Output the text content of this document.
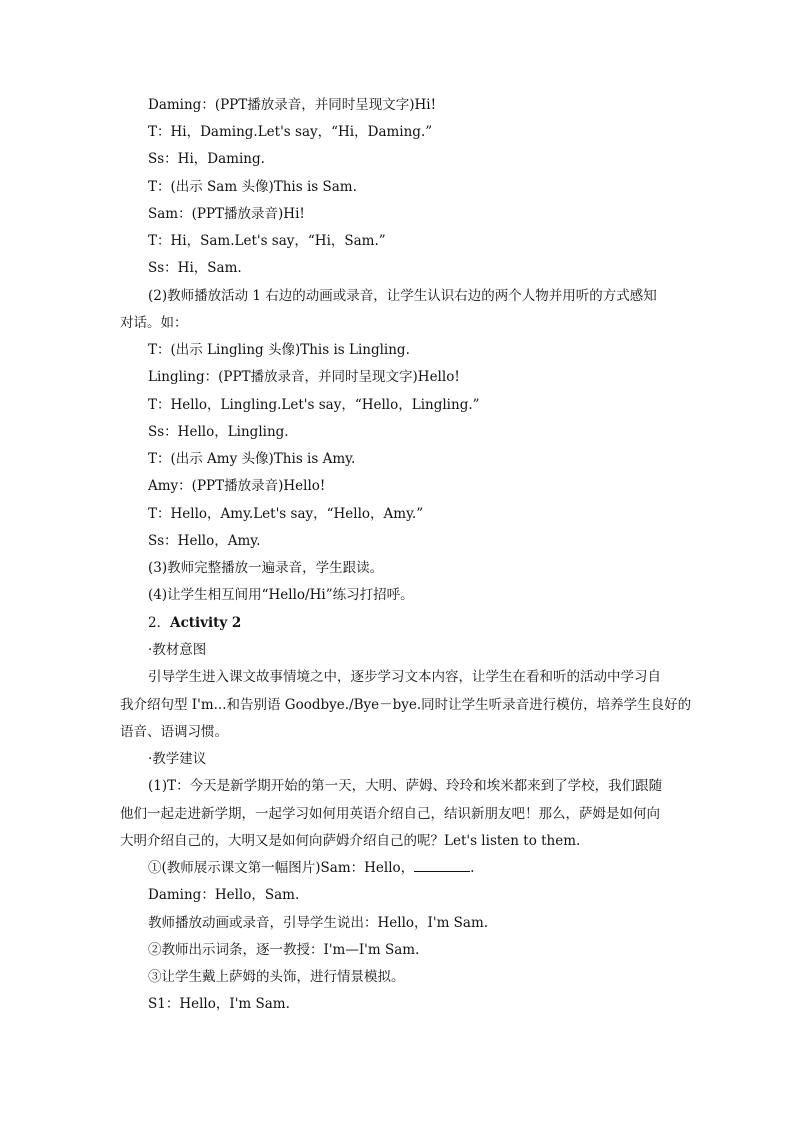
Daming：(PPT播放录音，并同时呈现文字)Hi!
T：Hi，Daming.Let's say，“Hi，Daming.”
Ss：Hi，Daming.
T：(出示 Sam 头像)This is Sam.
Sam：(PPT播放录音)Hi!
T：Hi，Sam.Let's say，“Hi，Sam.”
Ss：Hi，Sam.
(2)教师播放活动 1 右边的动画或录音，让学生认识右边的两个人物并用听的方式感知
对话。如：
T：(出示 Lingling 头像)This is Lingling.
Lingling：(PPT播放录音，并同时呈现文字)Hello!
T：Hello，Lingling.Let's say，“Hello，Lingling.”
Ss：Hello，Lingling.
T：(出示 Amy 头像)This is Amy.
Amy：(PPT播放录音)Hello!
T：Hello，Amy.Let's say，“Hello，Amy.”
Ss：Hello，Amy.
(3)教师完整播放一遍录音，学生跟读。
(4)让学生相互间用“Hello/Hi”练习打招呼。
2．Activity 2
·教材意图
引导学生进入课文故事情境之中，逐步学习文本内容，让学生在看和听的活动中学习自
我介绍句型 I'm...和告别语 Goodbye./Bye－bye.同时让学生听录音进行模仿，培养学生良好的
语音、语调习惯。
·教学建议
(1)T：今天是新学期开始的第一天，大明、萨姆、玲玲和埃米都来到了学校，我们跟随
他们一起走进新学期，一起学习如何用英语介绍自己，结识新朋友吧！那么，萨姆是如何向
大明介绍自己的，大明又是如何向萨姆介绍自己的呢？Let's listen to them.
①(教师展示课文第一幅图片)Sam：Hello，	.
Daming：Hello，Sam.
教师播放动画或录音，引导学生说出：Hello，I'm Sam.
②教师出示词条，逐一教授：I'm—I'm Sam.
③让学生戴上萨姆的头饰，进行情景模拟。
S1：Hello，I'm Sam.
